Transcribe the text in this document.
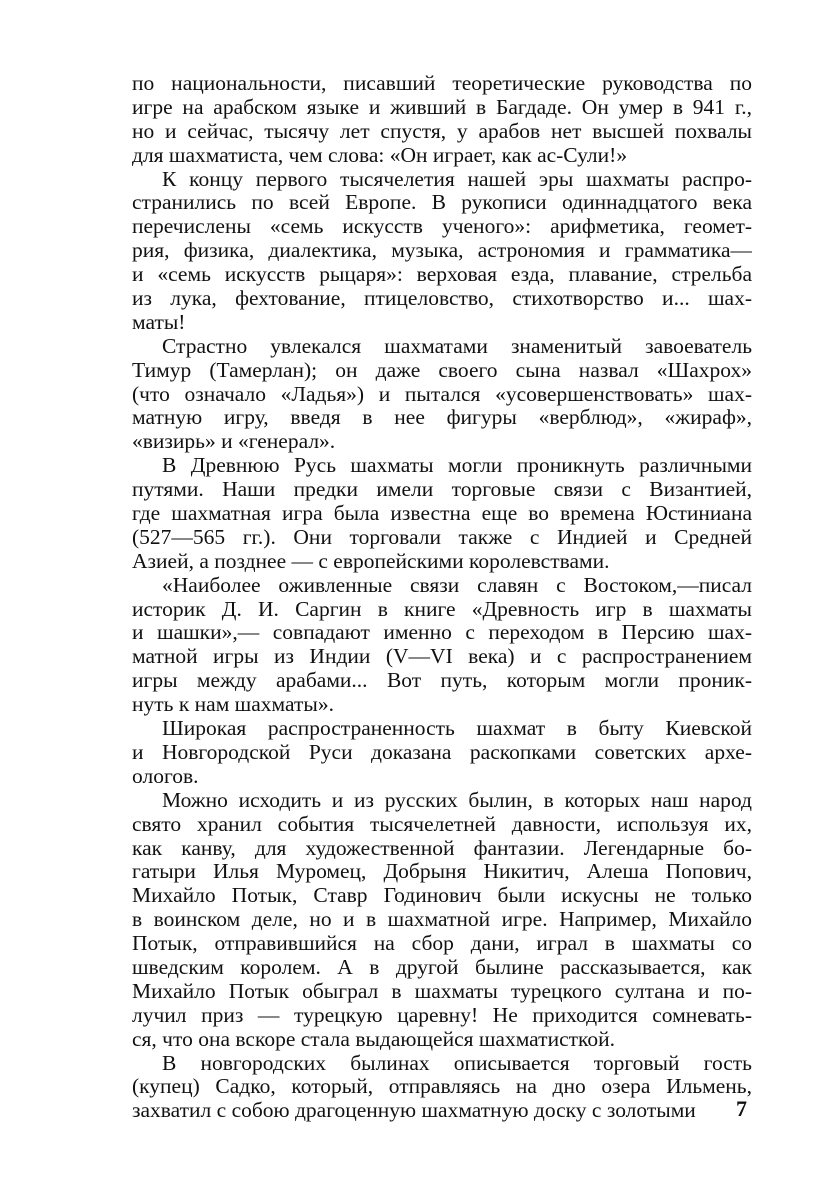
по национальности, писавший теоретические руководства по
игре на арабском языке и живший в Багдаде. Он умер в 941 г.,
но и сейчас, тысячу лет спустя, у арабов нет высшей похвалы
для шахматиста, чем слова: «Он играет, как ас-Сули!»
К концу первого тысячелетия нашей эры шахматы распро-
странились по всей Европе. В рукописи одиннадцатого века
перечислены «семь искусств ученого»: арифметика, геомет-
рия, физика, диалектика, музыка, астрономия и грамматика—
и «семь искусств рыцаря»: верховая езда, плавание, стрельба
из лука, фехтование, птицеловство, стихотворство и... шах-
маты!
Страстно увлекался шахматами знаменитый завоеватель
Тимур (Тамерлан); он даже своего сына назвал «Шахрох»
(что означало «Ладья») и пытался «усовершенствовать» шах-
матную игру, введя в нее фигуры «верблюд», «жираф»,
«визирь» и «генерал».
В Древнюю Русь шахматы могли проникнуть различными
путями. Наши предки имели торговые связи с Византией,
где шахматная игра была известна еще во времена Юстиниана
(527—565 гг.). Они торговали также с Индией и Средней
Азией, а позднее — с европейскими королевствами.
«Наиболее оживленные связи славян с Востоком,—писал
историк Д. И. Саргин в книге «Древность игр в шахматы
и шашки»,— совпадают именно с переходом в Персию шах-
матной игры из Индии (V—VI века) и с распространением
игры между арабами... Вот путь, которым могли проник-
нуть к нам шахматы».
Широкая распространенность шахмат в быту Киевской
и Новгородской Руси доказана раскопками советских архе-
ологов.
Можно исходить и из русских былин, в которых наш народ
свято хранил события тысячелетней давности, используя их,
как канву, для художественной фантазии. Легендарные бо-
гатыри Илья Муромец, Добрыня Никитич, Алеша Попович,
Михайло Потык, Ставр Годинович были искусны не только
в воинском деле, но и в шахматной игре. Например, Михайло
Потык, отправившийся на сбор дани, играл в шахматы со
шведским королем. А в другой былине рассказывается, как
Михайло Потык обыграл в шахматы турецкого султана и по-
лучил приз — турецкую царевну! Не приходится сомневать-
ся, что она вскоре стала выдающейся шахматисткой.
В новгородских былинах описывается торговый гость
(купец) Садко, который, отправляясь на дно озера Ильмень,
захватил с собою драгоценную шахматную доску с золотыми	7
